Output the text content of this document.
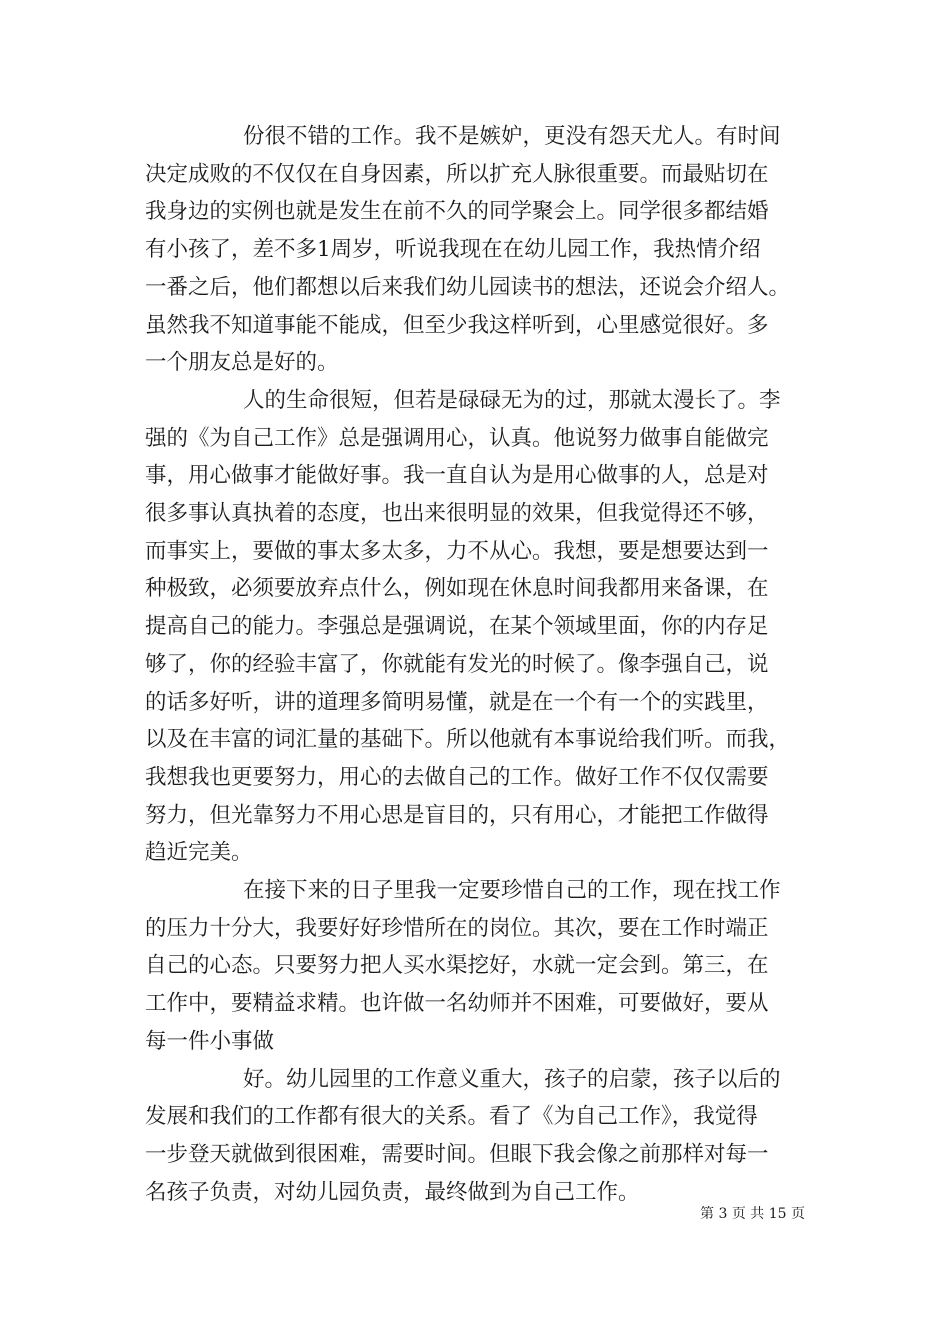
份很不错的工作。我不是嫉妒，更没有怨天尤人。有时间
决定成败的不仅仅在自身因素，所以扩充人脉很重要。而最贴切在
我身边的实例也就是发生在前不久的同学聚会上。同学很多都结婚
有小孩了，差不多1周岁，听说我现在在幼儿园工作，我热情介绍
一番之后，他们都想以后来我们幼儿园读书的想法，还说会介绍人。
虽然我不知道事能不能成，但至少我这样听到，心里感觉很好。多
一个朋友总是好的。

人的生命很短，但若是碌碌无为的过，那就太漫长了。李
强的《为自己工作》总是强调用心，认真。他说努力做事自能做完
事，用心做事才能做好事。我一直自认为是用心做事的人，总是对
很多事认真执着的态度，也出来很明显的效果，但我觉得还不够，
而事实上，要做的事太多太多，力不从心。我想，要是想要达到一
种极致，必须要放弃点什么，例如现在休息时间我都用来备课，在
提高自己的能力。李强总是强调说，在某个领域里面，你的内存足
够了，你的经验丰富了，你就能有发光的时候了。像李强自己，说
的话多好听，讲的道理多简明易懂，就是在一个有一个的实践里，
以及在丰富的词汇量的基础下。所以他就有本事说给我们听。而我，
我想我也更要努力，用心的去做自己的工作。做好工作不仅仅需要
努力，但光靠努力不用心思是盲目的，只有用心，才能把工作做得
趋近完美。

在接下来的日子里我一定要珍惜自己的工作，现在找工作
的压力十分大，我要好好珍惜所在的岗位。其次，要在工作时端正
自己的心态。只要努力把人买水渠挖好，水就一定会到。第三，在
工作中，要精益求精。也许做一名幼师并不困难，可要做好，要从
每一件小事做

好。幼儿园里的工作意义重大，孩子的启蒙，孩子以后的
发展和我们的工作都有很大的关系。看了《为自己工作》，我觉得
一步登天就做到很困难，需要时间。但眼下我会像之前那样对每一
名孩子负责，对幼儿园负责，最终做到为自己工作。

第 3 页 共 15 页
